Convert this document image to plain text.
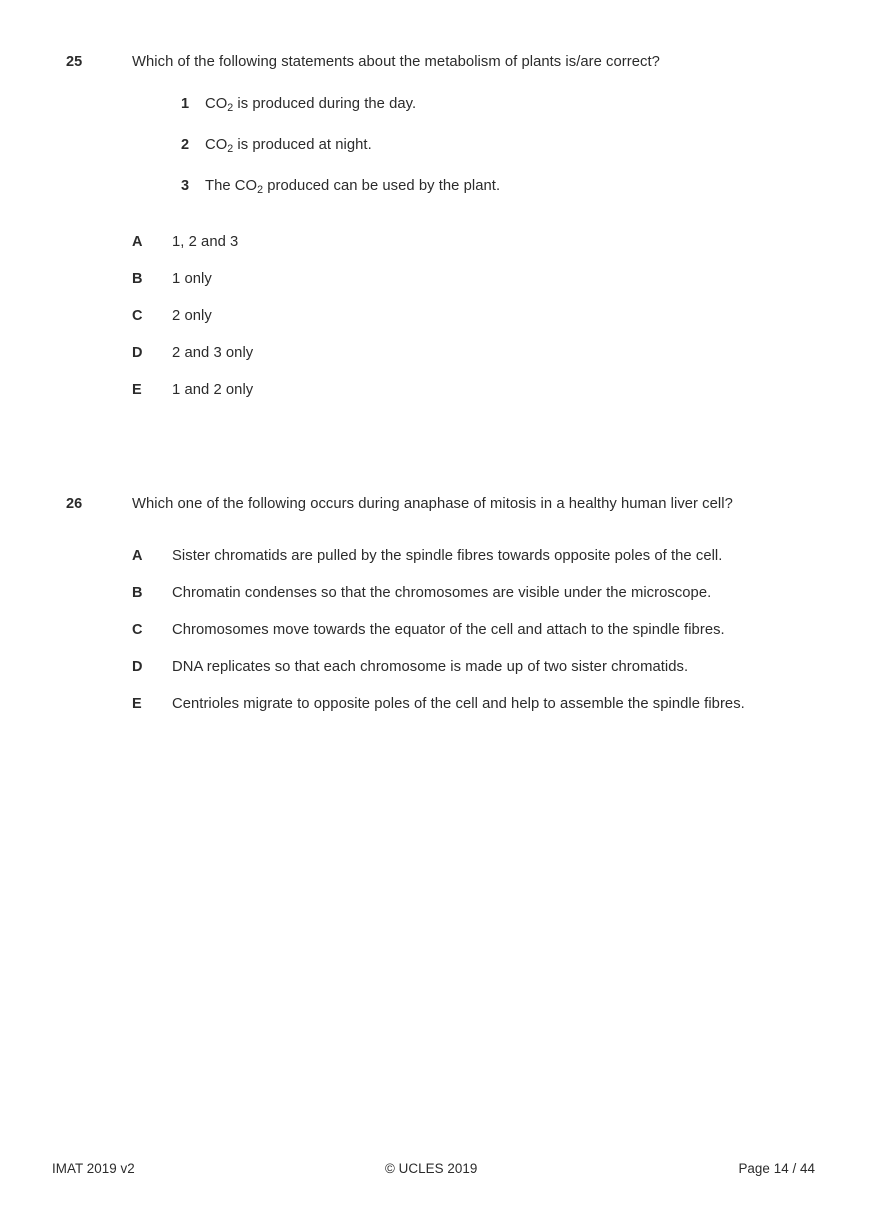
25	Which of the following statements about the metabolism of plants is/are correct?
1	$CO_2$ is produced during the day.
2	$CO_2$ is produced at night.
3	The $CO_2$ produced can be used by the plant.
A	1, 2 and 3
B	1 only
C	2 only
D	2 and 3 only
E	1 and 2 only
26	Which one of the following occurs during anaphase of mitosis in a healthy human liver cell?
A	Sister chromatids are pulled by the spindle fibres towards opposite poles of the cell.
B	Chromatin condenses so that the chromosomes are visible under the microscope.
C	Chromosomes move towards the equator of the cell and attach to the spindle fibres.
D	DNA replicates so that each chromosome is made up of two sister chromatids.
E	Centrioles migrate to opposite poles of the cell and help to assemble the spindle fibres.
IMAT 2019 v2	© UCLES 2019	Page 14 / 44
